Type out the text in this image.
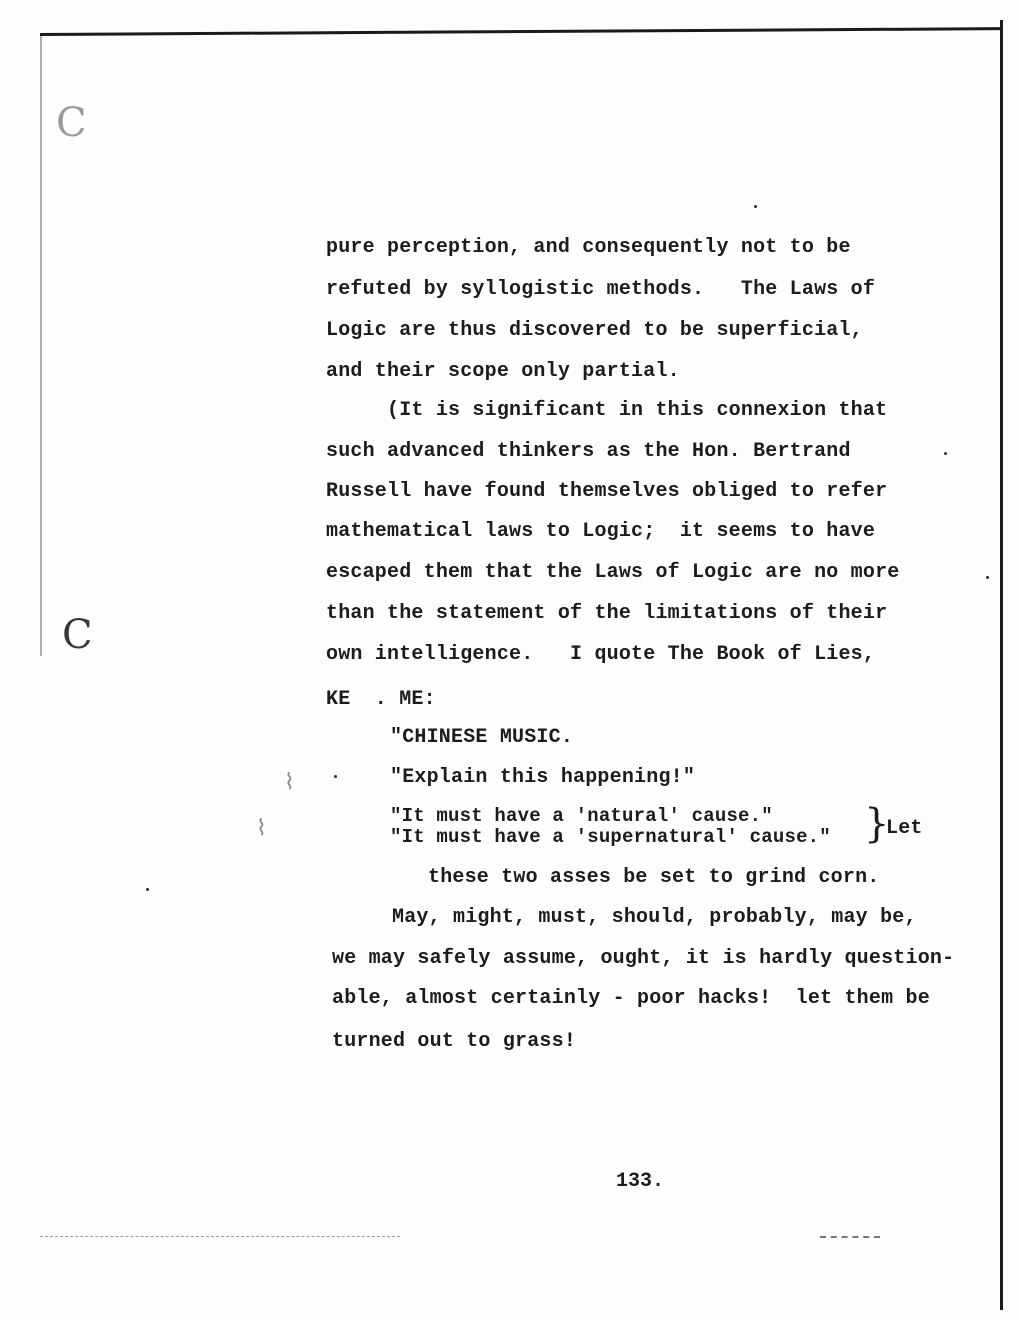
C
C
⌇
⌇
pure perception, and consequently not to be
refuted by syllogistic methods.   The Laws of
Logic are thus discovered to be superficial,
and their scope only partial.
(It is significant in this connexion that
such advanced thinkers as the Hon. Bertrand
Russell have found themselves obliged to refer
mathematical laws to Logic;  it seems to have
escaped them that the Laws of Logic are no more
than the statement of the limitations of their
own intelligence.   I quote The Book of Lies,
KE  . ME:
"CHINESE MUSIC.
"Explain this happening!"
"It must have a 'natural' cause."
"It must have a 'supernatural' cause." }
Let
these two asses be set to grind corn.
May, might, must, should, probably, may be,
we may safely assume, ought, it is hardly question-
able, almost certainly - poor hacks!  let them be
turned out to grass!
133.
